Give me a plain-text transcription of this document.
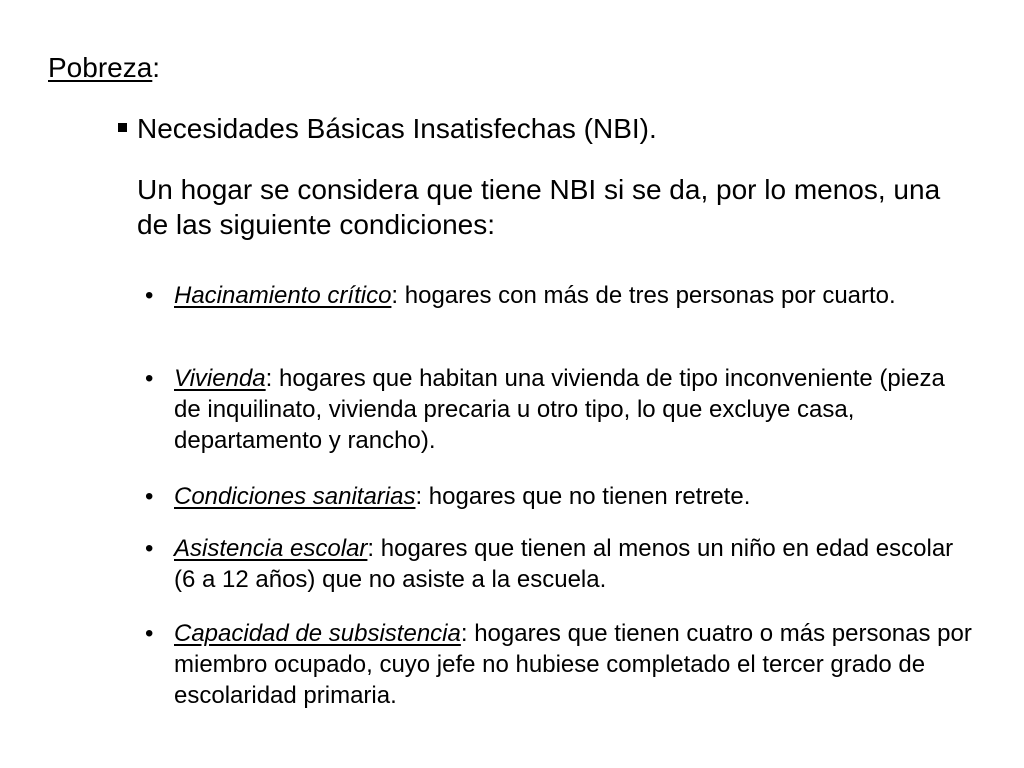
Pobreza:
Necesidades Básicas Insatisfechas (NBI).
Un hogar se considera que tiene NBI si se da, por lo menos, una de las siguiente condiciones:
• Hacinamiento crítico: hogares con más de tres personas por cuarto.
• Vivienda: hogares que habitan una vivienda de tipo inconveniente (pieza de inquilinato, vivienda precaria u otro tipo, lo que excluye casa, departamento y rancho).
• Condiciones sanitarias: hogares que no tienen retrete.
• Asistencia escolar: hogares que tienen al menos un niño en edad escolar (6 a 12 años) que no asiste a la escuela.
• Capacidad de subsistencia: hogares que tienen cuatro o más personas por miembro ocupado, cuyo jefe no hubiese completado el tercer grado de escolaridad primaria.
